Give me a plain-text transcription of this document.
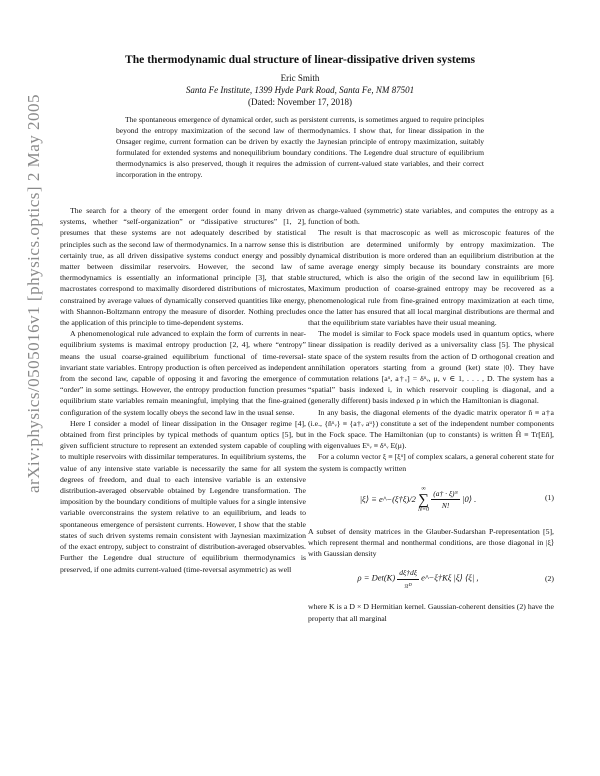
arXiv:physics/0505016v1 [physics.optics] 2 May 2005
The thermodynamic dual structure of linear-dissipative driven systems
Eric Smith
Santa Fe Institute, 1399 Hyde Park Road, Santa Fe, NM 87501
(Dated: November 17, 2018)
The spontaneous emergence of dynamical order, such as persistent currents, is sometimes argued to require principles beyond the entropy maximization of the second law of thermodynamics. I show that, for linear dissipation in the Onsager regime, current formation can be driven by exactly the Jaynesian principle of entropy maximization, suitably formulated for extended systems and nonequilibrium boundary conditions. The Legendre dual structure of equilibrium thermodynamics is also preserved, though it requires the admission of current-valued state variables, and their correct incorporation in the entropy.

The search for a theory of the emergent order found in many driven systems, whether “self-organization” or “dissipative structures” [1, 2], presumes that these systems are not adequately described by statistical principles such as the second law of thermodynamics. In a narrow sense this is certainly true, as all driven dissipative systems conduct energy and possibly matter between dissimilar reservoirs. However, the second law of thermodynamics is essentially an informational principle [3], that stable macrostates correspond to maximally disordered distributions of microstates, constrained by average values of dynamically conserved quantities like energy, with Shannon-Boltzmann entropy the measure of disorder. Nothing precludes the application of this principle to time-dependent systems.

A phenomenological rule advanced to explain the form of currents in near-equilibrium systems is maximal entropy production [2, 4], where “entropy” means the usual coarse-grained equilibrium functional of time-reversal-invariant state variables. Entropy production is often perceived as independent from the second law, capable of opposing it and favoring the emergence of “order” in some settings. However, the entropy production function presumes equilibrium state variables remain meaningful, implying that the fine-grained configuration of the system locally obeys the second law in the usual sense.

Here I consider a model of linear dissipation in the Onsager regime [4], obtained from first principles by typical methods of quantum optics [5], but given sufficient structure to represent an extended system capable of coupling to multiple reservoirs with dissimilar temperatures. In equilibrium systems, the value of any intensive state variable is necessarily the same for all system degrees of freedom, and dual to each intensive variable is an extensive distribution-averaged observable obtained by Legendre transformation. The imposition by the boundary conditions of multiple values for a single intensive variable overconstrains the system relative to an equilibrium, and leads to spontaneous emergence of persistent currents. However, I show that the stable states of such driven systems remain consistent with Jaynesian maximization of the exact entropy, subject to constraint of distribution-averaged observables. Further the Legendre dual structure of equilibrium thermodynamics is preserved, if one admits current-valued (time-reversal asymmetric) as well

as charge-valued (symmetric) state variables, and computes the entropy as a function of both.

The result is that macroscopic as well as microscopic features of the distribution are determined uniformly by entropy maximization. The dynamical distribution is more ordered than an equilibrium distribution at the same average energy simply because its boundary constraints are more structured, which is also the origin of the second law in equilibrium [6]. Maximum production of coarse-grained entropy may be recovered as a phenomenological rule from fine-grained entropy maximization at each time, once the latter has ensured that all local marginal distributions are thermal and that the equilibrium state variables have their usual meaning.

The model is similar to Fock space models used in quantum optics, where linear dissipation is readily derived as a universality class [5]. The physical state space of the system results from the action of D orthogonal creation and annihilation operators starting from a ground (ket) state |0⟩. They have commutation relations [aᵘ, a†ᵥ] = δᵘᵥ, μ, ν ∈ 1, . . . , D. The system has a “spatial” basis indexed i, in which reservoir coupling is diagonal, and a (generally different) basis indexed ρ in which the Hamiltonian is diagonal.

In any basis, the diagonal elements of the dyadic matrix operator n̂ ≡ a†a (i.e., {n̂ᵘᵥ} ≡ {a†ᵥ aᵘ}) constitute a set of the independent number components in the Fock space. The Hamiltonian (up to constants) is written Ĥ ≡ Tr[En̂], with eigenvalues Eᵘᵥ ≡ δᵘᵥ E(μ).

For a column vector ξ ≡ [ξᵘ] of complex scalars, a general coherent state for the system is compactly written

|ξ⟩ ≡ e^−(ξ†ξ)/2
∞
∑
N=0
$\frac{\text{(a† · ξ)ᴺ}}{N!}$ |0⟩ .	(1)

A subset of density matrices in the Glauber-Sudarshan P-representation [5], which represent thermal and nonthermal conditions, are those diagonal in |ξ⟩ with Gaussian density

$\rho = Det(K) \frac{d\xi\dagger d\xi}{\text{πᴰ}}$ e^−ξ†Kξ |ξ⟩ ⟨ξ| ,	(2)

where K is a D × D Hermitian kernel. Gaussian-coherent densities (2) have the property that all marginal
